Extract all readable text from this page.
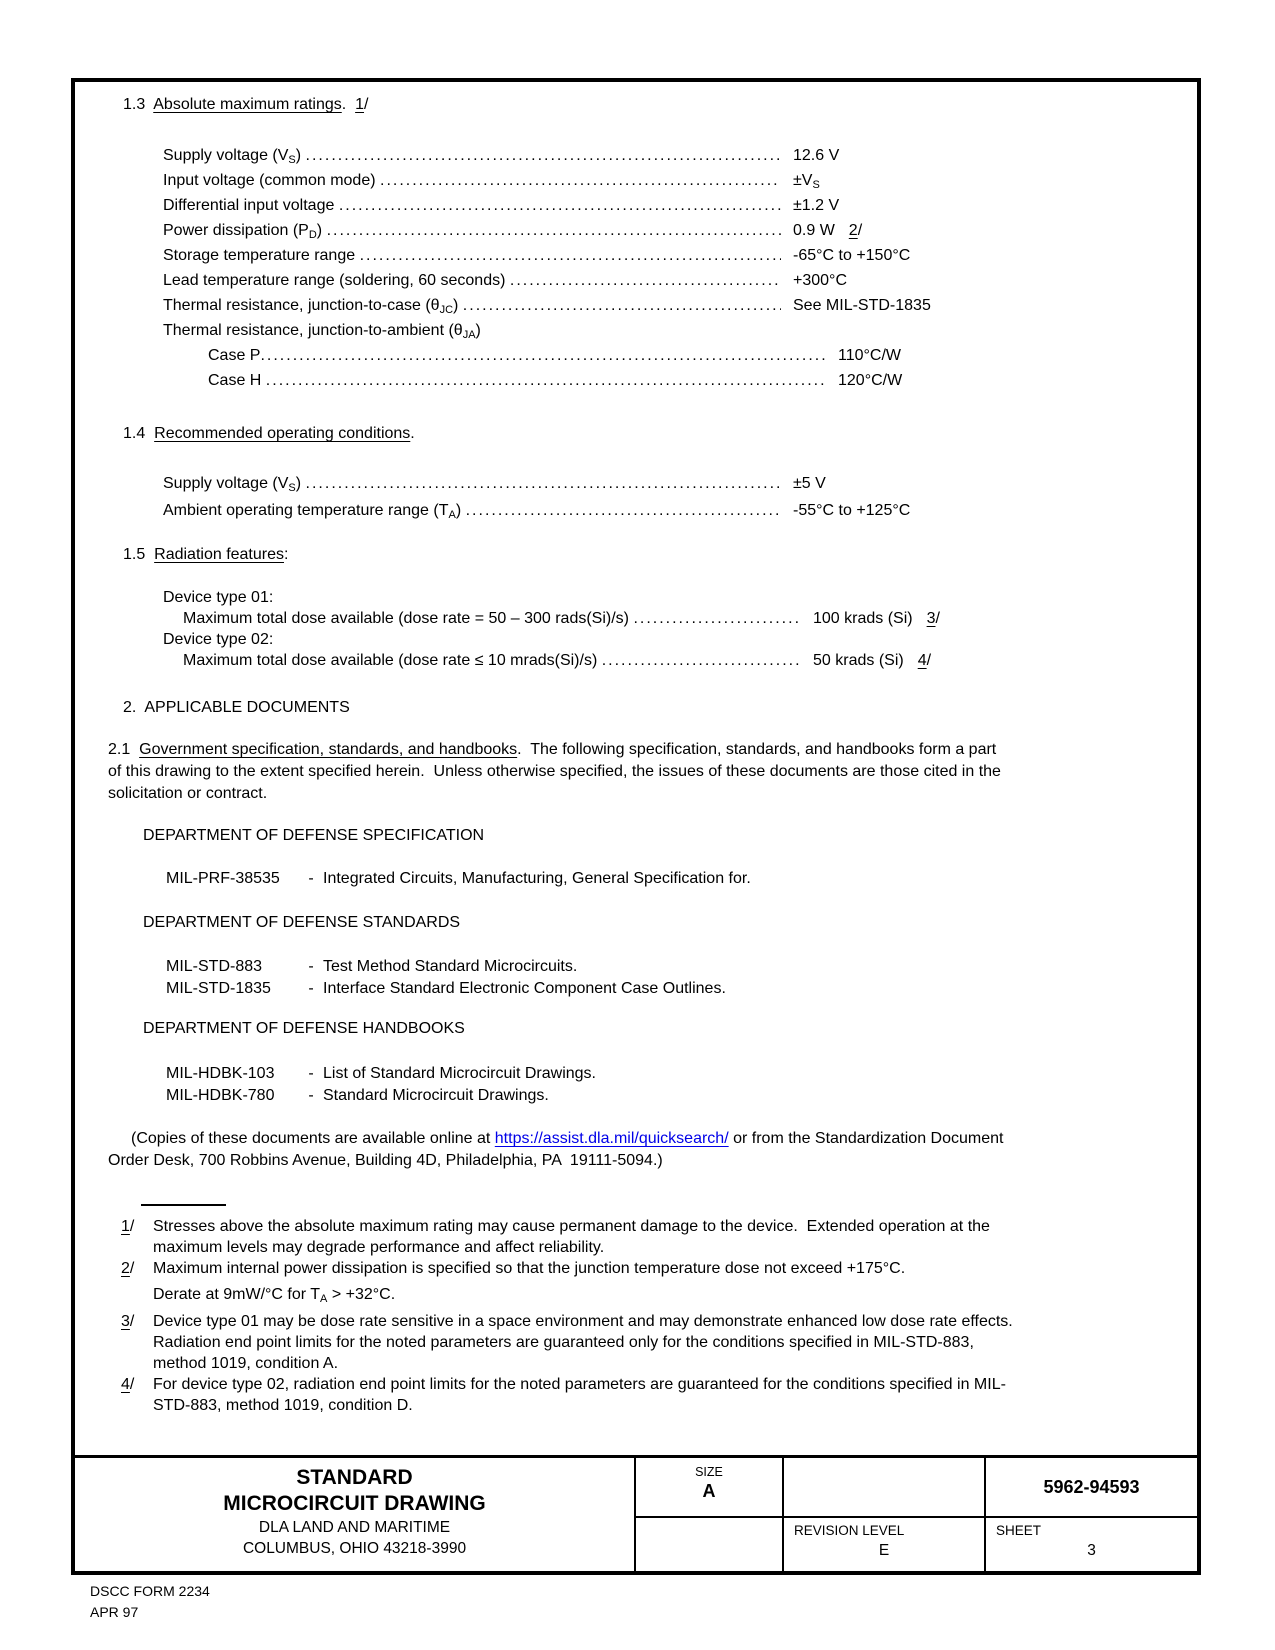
1.3  Absolute maximum ratings.  1/
Supply voltage $(V_S)$ .....	12.6 V
Input voltage (common mode) .....	$\pm V_S$
Differential input voltage .....	±1.2 V
Power dissipation $(P_D)$ .....	0.9 W 2/
Storage temperature range .....	-65°C to +150°C
Lead temperature range (soldering, 60 seconds) .....	+300°C
Thermal resistance, junction-to-case $(\theta_{JC})$ .....	See MIL-STD-1835
Thermal resistance, junction-to-ambient $(\theta_{JA})$
Case P .....	110°C/W
Case H .....	120°C/W
1.4  Recommended operating conditions.
Supply voltage $(V_S)$ .....	±5 V
Ambient operating temperature range $(T_A)$ .....	-55°C to +125°C
1.5  Radiation features:
Device type 01:
Maximum total dose available (dose rate = 50 – 300 rads(Si)/s) .....	100 krads (Si) 3/
Device type 02:
Maximum total dose available (dose rate ≤ 10 mrads(Si)/s) .....	50 krads (Si) 4/
2.  APPLICABLE DOCUMENTS
2.1  Government specification, standards, and handbooks.  The following specification, standards, and handbooks form a part
of this drawing to the extent specified herein.  Unless otherwise specified, the issues of these documents are those cited in the
solicitation or contract.
DEPARTMENT OF DEFENSE SPECIFICATION
MIL-PRF-38535	- Integrated Circuits, Manufacturing, General Specification for.
DEPARTMENT OF DEFENSE STANDARDS
MIL-STD-883	- Test Method Standard Microcircuits.
MIL-STD-1835	- Interface Standard Electronic Component Case Outlines.
DEPARTMENT OF DEFENSE HANDBOOKS
MIL-HDBK-103	- List of Standard Microcircuit Drawings.
MIL-HDBK-780	- Standard Microcircuit Drawings.
(Copies of these documents are available online at https://assist.dla.mil/quicksearch/ or from the Standardization Document
Order Desk, 700 Robbins Avenue, Building 4D, Philadelphia, PA  19111-5094.)
1/	Stresses above the absolute maximum rating may cause permanent damage to the device.  Extended operation at the
maximum levels may degrade performance and affect reliability.
2/	Maximum internal power dissipation is specified so that the junction temperature dose not exceed +175°C.
Derate at 9mW/°C for $T_A > +32^\circ C$.
3/	Device type 01 may be dose rate sensitive in a space environment and may demonstrate enhanced low dose rate effects.
Radiation end point limits for the noted parameters are guaranteed only for the conditions specified in MIL-STD-883,
method 1019, condition A.
4/	For device type 02, radiation end point limits for the noted parameters are guaranteed for the conditions specified in MIL-
STD-883, method 1019, condition D.
STANDARD
MICROCIRCUIT DRAWING
DLA LAND AND MARITIME
COLUMBUS, OHIO 43218-3990
SIZE
A
REVISION LEVEL
E
5962-94593
SHEET
3
DSCC FORM 2234
APR 97
